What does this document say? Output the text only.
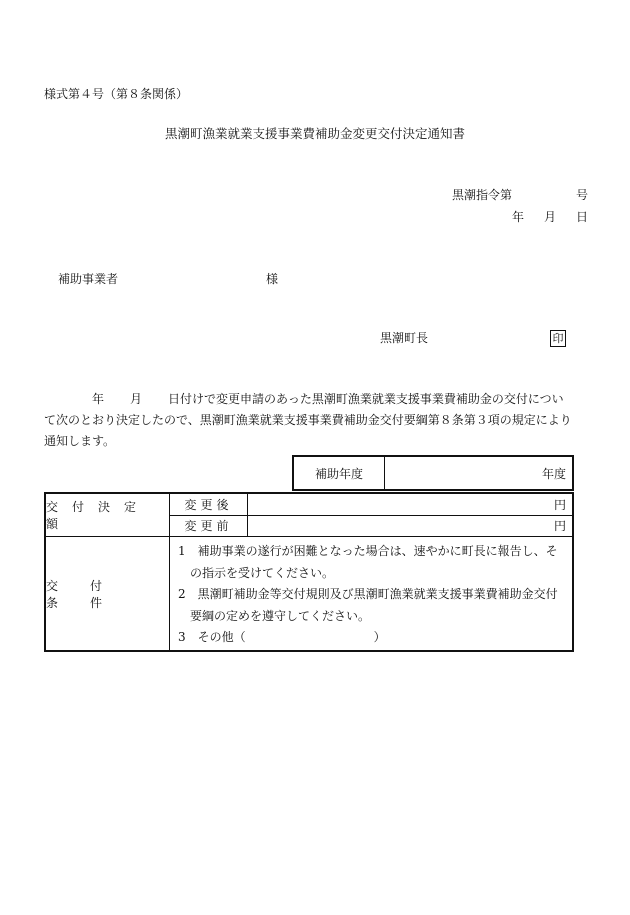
様式第４号（第８条関係）
黒潮町漁業就業支援事業費補助金変更交付決定通知書
黒潮指令第	号
年 月 日
補助事業者	様
黒潮町長	印

年 月 日付けで変更申請のあった黒潮町漁業就業支援事業費補助金の交付につい

て次のとおり決定したので、黒潮町漁業就業支援事業費補助金交付要綱第８条第３項の規定により

通知します。

補助年度	年度
交付決定額
変更後	円
変更前	円
交付条件
1　補助事業の遂行が困難となった場合は、速やかに町長に報告し、そ
の指示を受けてください。
2　黒潮町補助金等交付規則及び黒潮町漁業就業支援事業費補助金交付
要綱の定めを遵守してください。
3　その他（	）
